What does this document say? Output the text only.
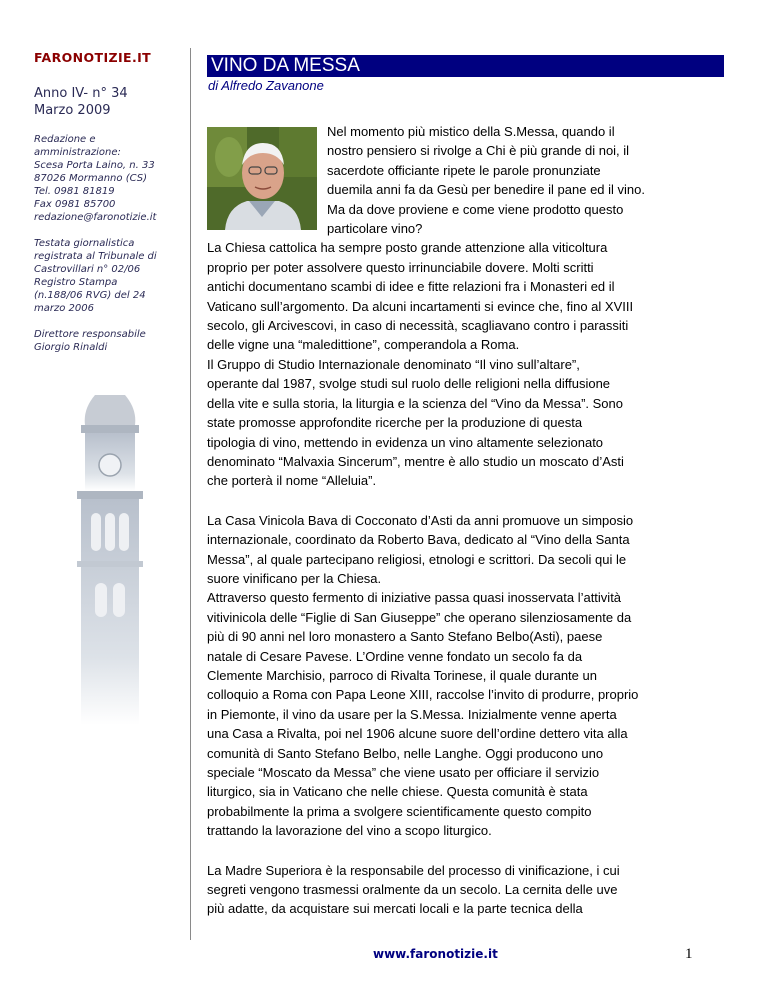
FARONOTIZIE.IT
Anno IV- n° 34
Marzo 2009
Redazione e
amministrazione:
Scesa Porta Laino, n. 33
87026 Mormanno (CS)
Tel. 0981 81819
Fax 0981 85700
redazione@faronotizie.it
Testata giornalistica
registrata al Tribunale di
Castrovillari n° 02/06
Registro Stampa
(n.188/06 RVG) del 24
marzo 2006
Direttore responsabile
Giorgio Rinaldi
VINO DA MESSA
di Alfredo Zavanone
Nel momento più mistico della S.Messa, quando il
nostro pensiero si rivolge a Chi è più grande di noi, il
sacerdote officiante ripete le parole pronunziate
duemila anni fa da Gesù per benedire il pane ed il vino.
Ma da dove proviene e come viene prodotto questo
particolare vino?
La Chiesa cattolica ha sempre posto grande attenzione alla viticoltura
proprio per poter assolvere questo irrinunciabile dovere. Molti scritti
antichi documentano scambi di idee e fitte relazioni fra i Monasteri ed il
Vaticano sull’argomento. Da alcuni incartamenti si evince che, fino al XVIII
secolo, gli Arcivescovi, in caso di necessità, scagliavano contro i parassiti
delle vigne una “maledittione”, comperandola a Roma.
Il Gruppo di Studio Internazionale denominato “Il vino sull’altare”,
operante dal 1987, svolge studi sul ruolo delle religioni nella diffusione
della vite e sulla storia, la liturgia e la scienza del “Vino da Messa”. Sono
state promosse approfondite ricerche per la produzione di questa
tipologia di vino, mettendo in evidenza un vino altamente selezionato
denominato “Malvaxia Sincerum”, mentre è allo studio un moscato d’Asti
che porterà il nome “Alleluia”.
La Casa Vinicola Bava di Cocconato d’Asti da anni promuove un simposio
internazionale, coordinato da Roberto Bava, dedicato al “Vino della Santa
Messa”, al quale partecipano religiosi, etnologi e scrittori. Da secoli qui le
suore vinificano per la Chiesa.
Attraverso questo fermento di iniziative passa quasi inosservata l’attività
vitivinicola delle “Figlie di San Giuseppe” che operano silenziosamente da
più di 90 anni nel loro monastero a Santo Stefano Belbo(Asti), paese
natale di Cesare Pavese. L’Ordine venne fondato un secolo fa da
Clemente Marchisio, parroco di Rivalta Torinese, il quale durante un
colloquio a Roma con Papa Leone XIII, raccolse l’invito di produrre, proprio
in Piemonte, il vino da usare per la S.Messa. Inizialmente venne aperta
una Casa a Rivalta, poi nel 1906 alcune suore dell’ordine dettero vita alla
comunità di Santo Stefano Belbo, nelle Langhe. Oggi producono uno
speciale “Moscato da Messa” che viene usato per officiare il servizio
liturgico, sia in Vaticano che nelle chiese. Questa comunità è stata
probabilmente la prima a svolgere scientificamente questo compito
trattando la lavorazione del vino a scopo liturgico.
La Madre Superiora è la responsabile del processo di vinificazione, i cui
segreti vengono trasmessi oralmente da un secolo. La cernita delle uve
più adatte, da acquistare sui mercati locali e la parte tecnica della
www.faronotizie.it	1
